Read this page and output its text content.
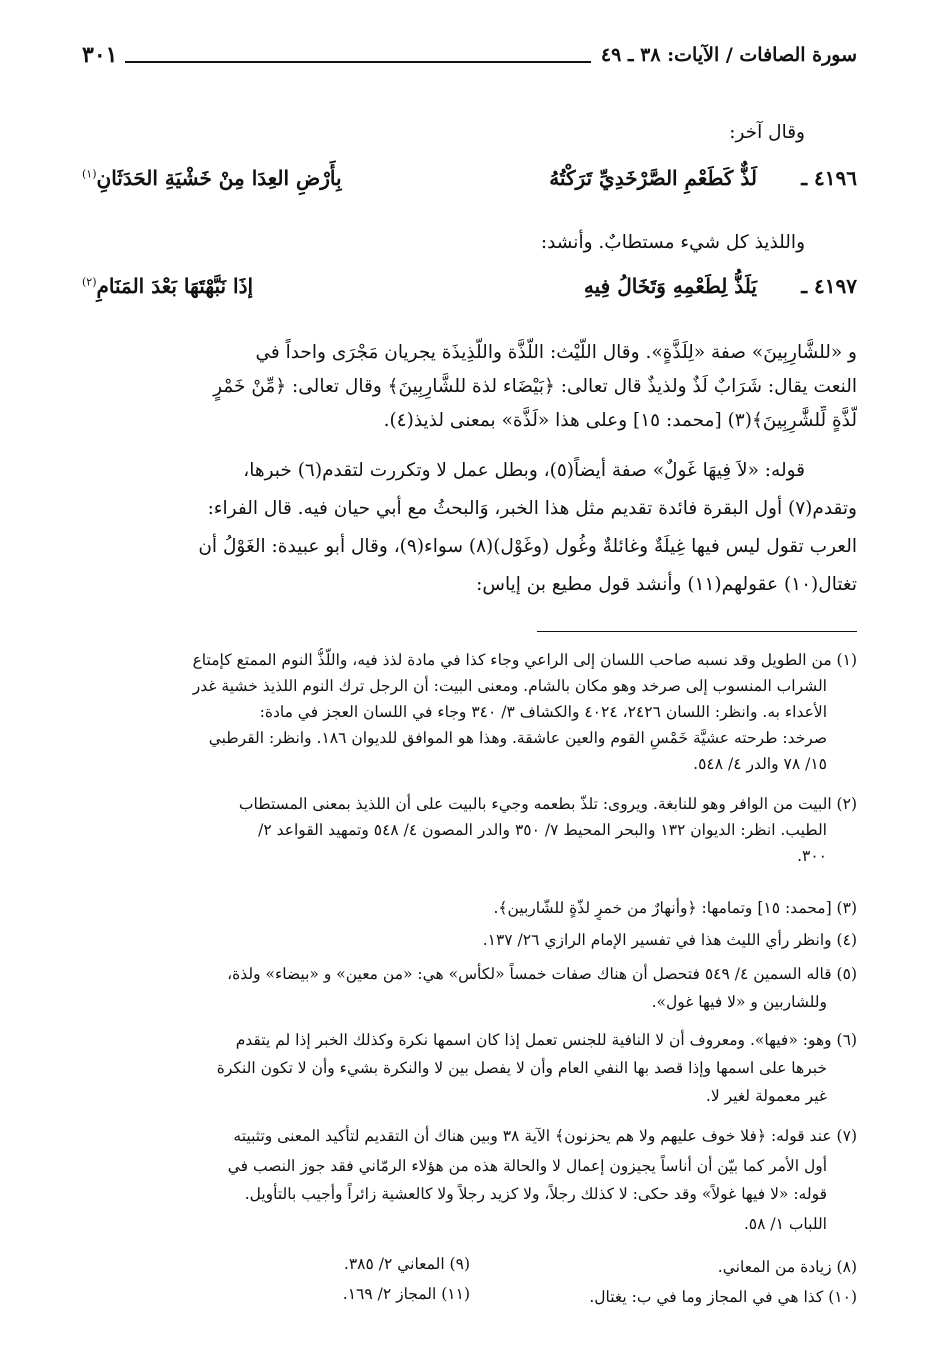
سورة الصافات / الآيات: ٣٨ ـ ٤٩
٣٠١
وقال آخر:
٤١٩٦ ـ
لَذٌّ كَطَعْمِ الصَّرْخَدِيِّ تَرَكْتُهُ
بِأَرْضِ العِدَا مِنْ خَشْيَةِ الحَدَثَانِ$^{(١)}$
واللذيذ كل شيء مستطابٌ. وأنشد:
٤١٩٧ ـ
يَلَذُّ لِطَعْمِهِ وَتَخَالُ فِيهِ
إذَا نَبَّهْتَهَا بَعْدَ المَنَامِ$^{(٢)}$
و «للشَّارِبِينَ» صفة «لِلَذَّةٍ». وقال اللَّيْث: اللَّذَّة واللَّذِيذَة يجريان مَجْرَى واحداً في
النعت يقال: شَرَابٌ لَذٌ ولذيذٌ قال تعالى: ﴿بَيْضَاء لذة للشَّارِبِينَ﴾ وقال تعالى: ﴿مِّنْ خَمْرٍ
لَّذَّةٍ لِّلشَّٰرِبِينَ﴾(٣) [محمد: ١٥] وعلى هذا «لَذَّة» بمعنى لذيذ(٤).
قوله: «لاَ فِيهَا غَولٌ» صفة أيضاً(٥)، وبطل عمل لا وتكررت لتقدم(٦) خبرها،
وتقدم(٧) أول البقرة فائدة تقديم مثل هذا الخبر، وَالبحثُ مع أبي حيان فيه. قال الفراء:
العرب تقول ليس فيها غِيلَةٌ وغائلةٌ وغُول (وغَوْل)(٨) سواء(٩)، وقال أبو عبيدة: الغَوْلُ أن
تغتال(١٠) عقولهم(١١) وأنشد قول مطيع بن إياس:
(١) من الطويل وقد نسبه صاحب اللسان إلى الراعي وجاء كذا في مادة لذذ فيه، واللَّذُّ النوم الممتع كإمتاع
الشراب المنسوب إلى صرخد وهو مكان بالشام. ومعنى البيت: أن الرجل ترك النوم اللذيذ خشية غدر
الأعداء به. وانظر: اللسان ٢٤٢٦، ٤٠٢٤ والكشاف ٣/ ٣٤٠ وجاء في اللسان العجز في مادة:
صرخد: طرحته عشيَّة خَمْسِ القوم والعين عاشقة. وهذا هو الموافق للديوان ١٨٦. وانظر: القرطبي
١٥/ ٧٨ والدر ٤/ ٥٤٨.
(٢) البيت من الوافر وهو للنابغة. ويروى: تلذّ بطعمه وجيء بالبيت على أن اللذيذ بمعنى المستطاب
الطيب. انظر: الديوان ١٣٢ والبحر المحيط ٧/ ٣٥٠ والدر المصون ٤/ ٥٤٨ وتمهيد القواعد ٢/
٣٠٠.
(٣) [محمد: ١٥] وتمامها: ﴿وأنهارٌ من خمرٍ لذّةٍ للشّاربين﴾.
(٤) وانظر رأي الليث هذا في تفسير الإمام الرازي ٢٦/ ١٣٧.
(٥) قاله السمين ٤/ ٥٤٩ فتحصل أن هناك صفات خمساً «لكأس» هي: «من معين» و «بيضاء» ولذة،
وللشاربين و «لا فيها غول».
(٦) وهو: «فيها». ومعروف أن لا النافية للجنس تعمل إذا كان اسمها نكرة وكذلك الخبر إذا لم يتقدم
خبرها على اسمها وإذا قصد بها النفي العام وأن لا يفصل بين لا والنكرة بشيء وأن لا تكون النكرة
غير معمولة لغير لا.
(٧) عند قوله: ﴿فلا خوف عليهم ولا هم يحزنون﴾ الآية ٣٨ وبين هناك أن التقديم لتأكيد المعنى وتثبيته
أول الأمر كما بيّن أن أناساً يجيزون إعمال لا والحالة هذه من هؤلاء الرمّاني فقد جوز النصب في
قوله: «لا فيها غولاً» وقد حكى: لا كذلك رجلاً، ولا كزيد رجلاً ولا كالعشية زائراً وأجيب بالتأويل.
اللباب ١/ ٥٨.
(٨) زيادة من المعاني.
(٩) المعاني ٢/ ٣٨٥.
(١٠) كذا هي في المجاز وما في ب: يغتال.
(١١) المجاز ٢/ ١٦٩.
